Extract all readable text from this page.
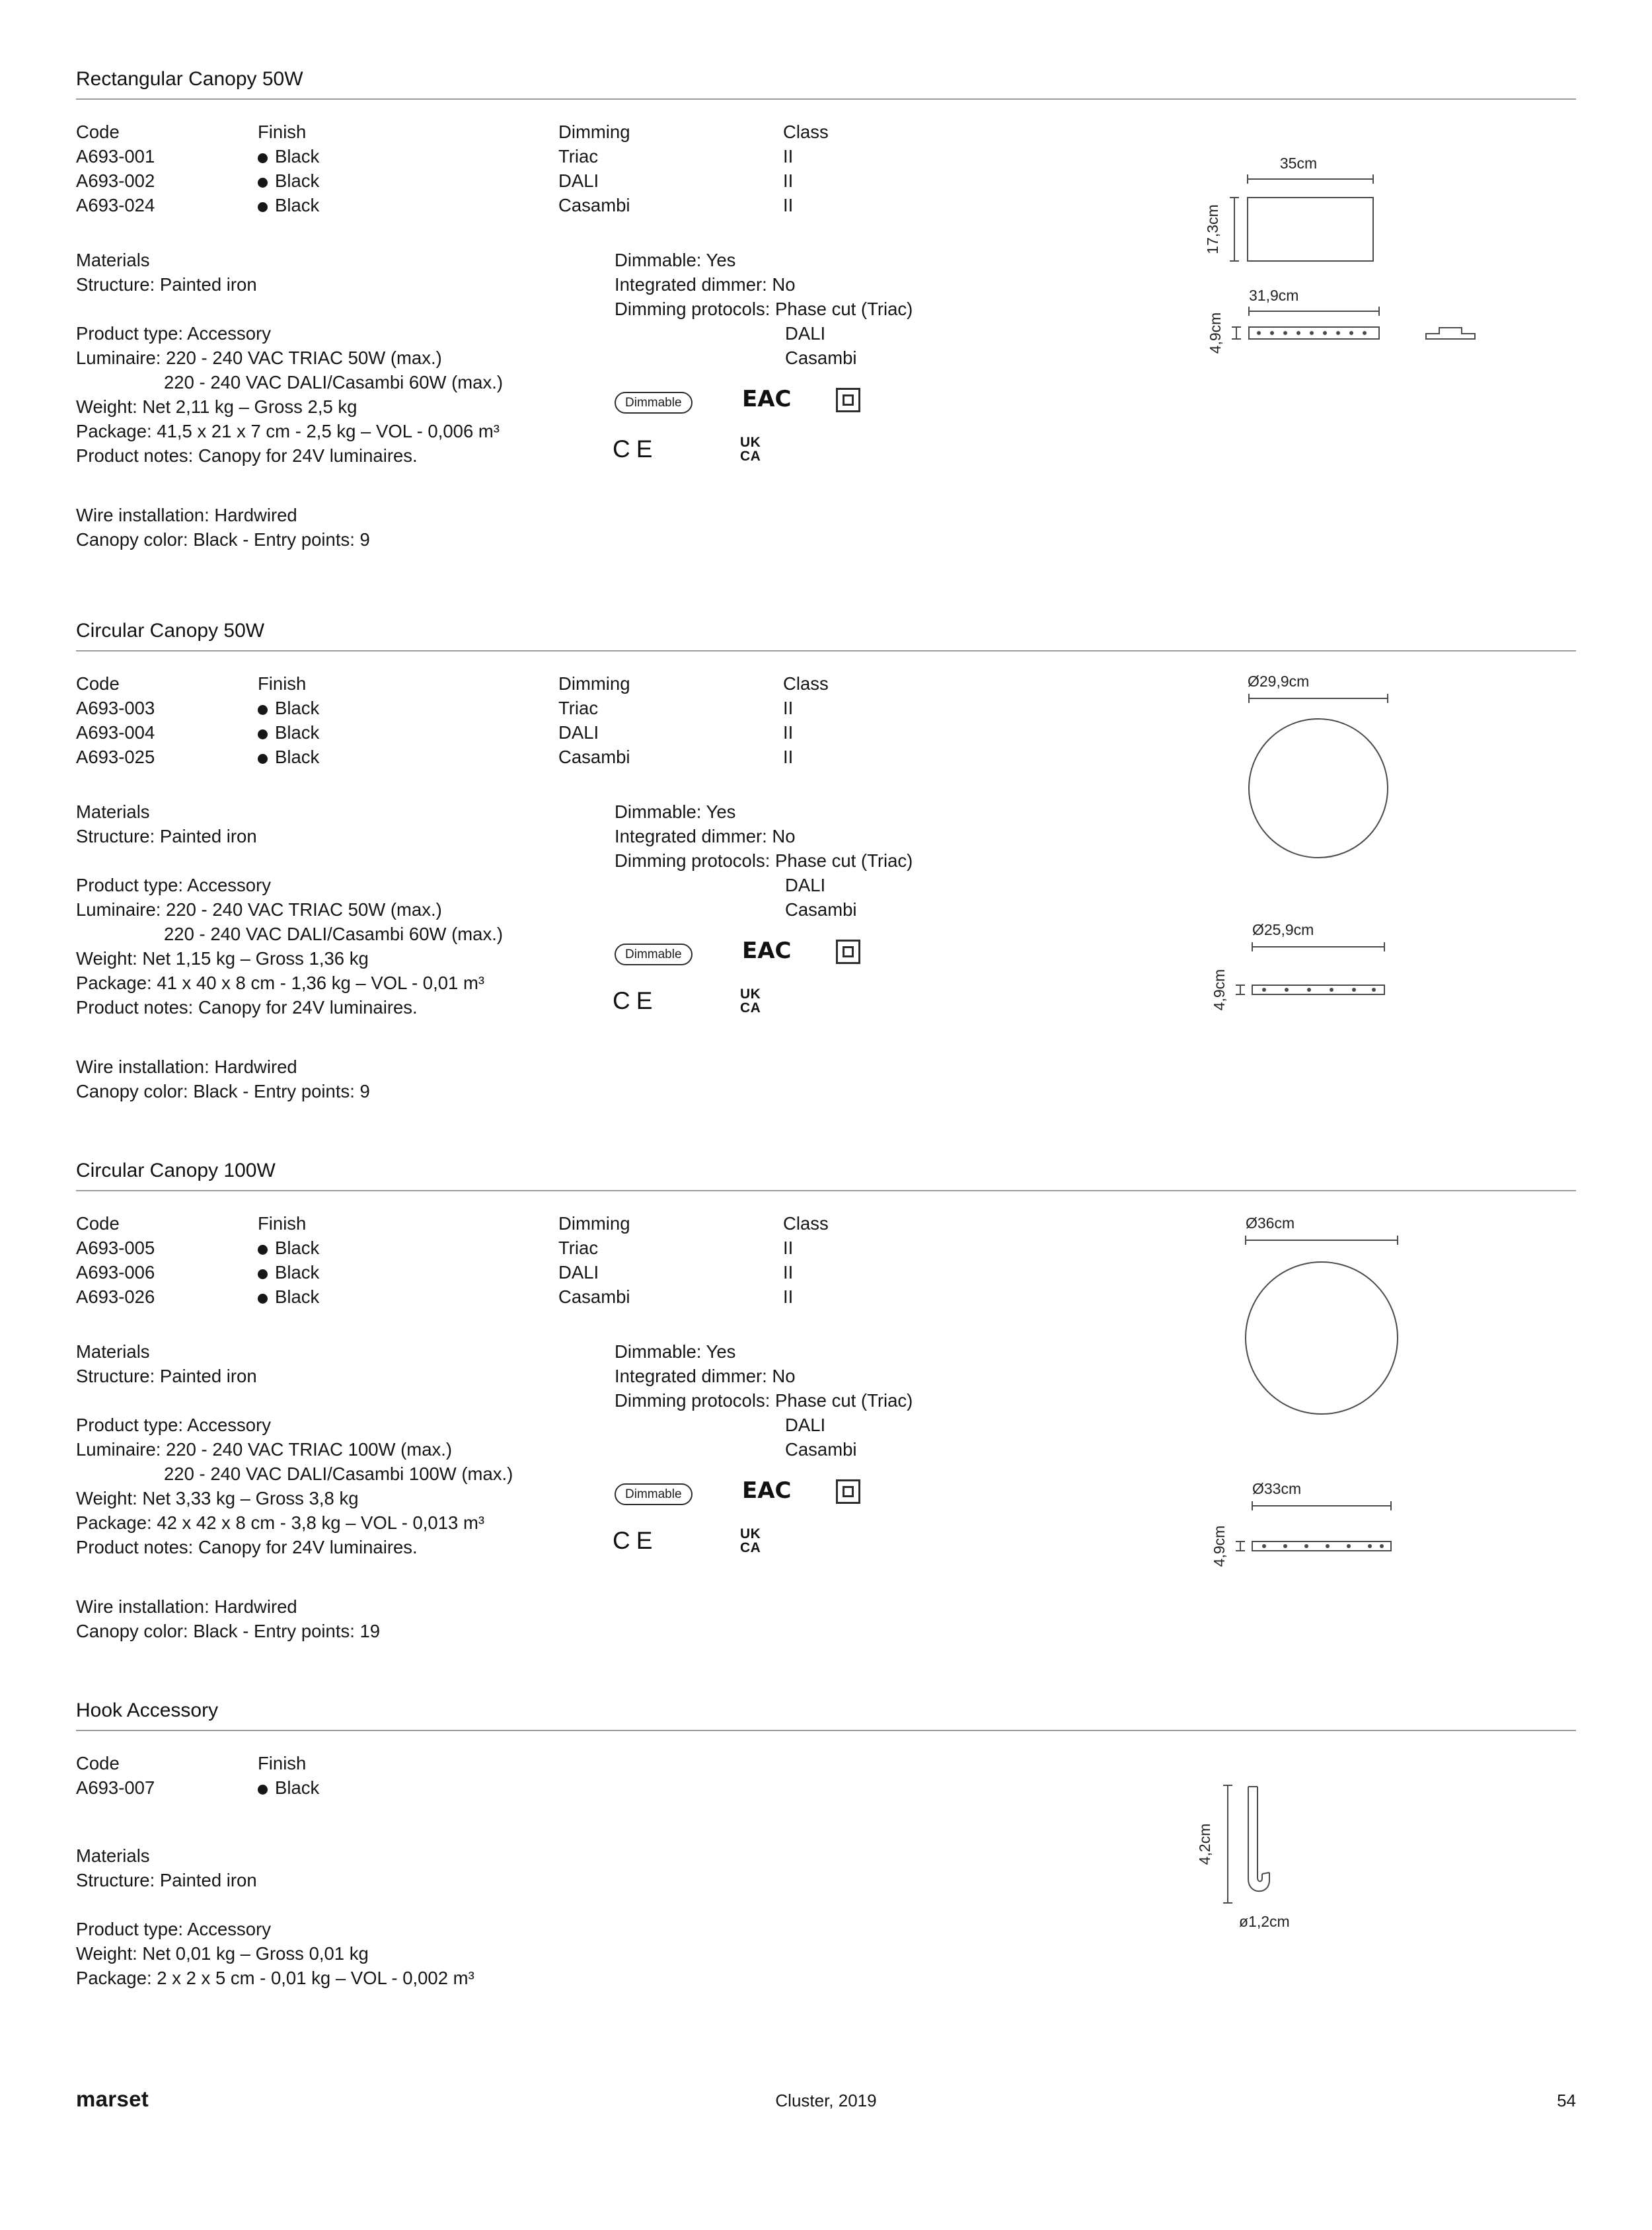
Rectangular Canopy 50W
Code	Finish	Dimming	Class
A693-001	Black	Triac	II
A693-002	Black	DALI	II
A693-024	Black	Casambi	II
Materials
Structure: Painted iron
Product type: Accessory
Luminaire: 220 - 240 VAC TRIAC 50W (max.)
220 - 240 VAC DALI/Casambi 60W (max.)
Weight: Net 2,11 kg – Gross 2,5 kg
Package: 41,5 x 21 x 7 cm - 2,5 kg – VOL - 0,006 m³
Product notes: Canopy for 24V luminaires.
Wire installation: Hardwired
Canopy color: Black - Entry points: 9
Dimmable: Yes
Integrated dimmer: No
Dimming protocols: Phase cut (Triac)
DALI
Casambi
Dimmable	EAC
CE	UK
CA
35cm
17,3cm
31,9cm
4,9cm
Circular Canopy 50W
Code	Finish	Dimming	Class
A693-003	Black	Triac	II
A693-004	Black	DALI	II
A693-025	Black	Casambi	II
Materials
Structure: Painted iron
Product type: Accessory
Luminaire: 220 - 240 VAC TRIAC 50W (max.)
220 - 240 VAC DALI/Casambi 60W (max.)
Weight: Net 1,15 kg – Gross 1,36 kg
Package: 41 x 40 x 8 cm - 1,36 kg – VOL - 0,01 m³
Product notes: Canopy for 24V luminaires.
Wire installation: Hardwired
Canopy color: Black - Entry points: 9
Dimmable: Yes
Integrated dimmer: No
Dimming protocols: Phase cut (Triac)
DALI
Casambi
Dimmable	EAC
CE	UK
CA
Ø29,9cm
Ø25,9cm
4,9cm
Circular Canopy 100W
Code	Finish	Dimming	Class
A693-005	Black	Triac	II
A693-006	Black	DALI	II
A693-026	Black	Casambi	II
Materials
Structure: Painted iron
Product type: Accessory
Luminaire: 220 - 240 VAC TRIAC 100W (max.)
220 - 240 VAC DALI/Casambi 100W (max.)
Weight: Net 3,33 kg – Gross 3,8 kg
Package: 42 x 42 x 8 cm - 3,8 kg – VOL - 0,013 m³
Product notes: Canopy for 24V luminaires.
Wire installation: Hardwired
Canopy color: Black - Entry points: 19
Dimmable: Yes
Integrated dimmer: No
Dimming protocols: Phase cut (Triac)
DALI
Casambi
Dimmable	EAC
CE	UK
CA
Ø36cm
Ø33cm
4,9cm
Hook Accessory
Code	Finish
A693-007	Black
Materials
Structure: Painted iron
Product type: Accessory
Weight: Net 0,01 kg – Gross 0,01 kg
Package: 2 x 2 x 5 cm - 0,01 kg – VOL - 0,002 m³
4,2cm
ø1,2cm
marset	Cluster, 2019	54
